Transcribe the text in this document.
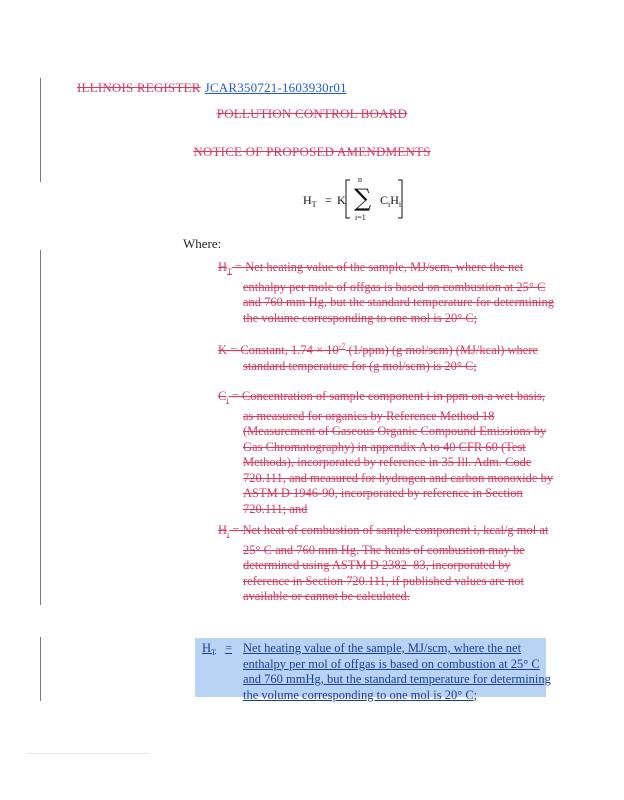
ILLINOIS REGISTER JCAR350721-1603930r01
POLLUTION CONTROL BOARD
NOTICE OF PROPOSED AMENDMENTS
$H_T = K$ ∑
n
i=1
$C_iH_i$
Where:
$H_T$ = Net heating value of the sample, MJ/scm, where the net
enthalpy per mole of offgas is based on combustion at 25° C
and 760 mm Hg, but the standard temperature for determining
the volume corresponding to one mol is 20° C;
K = Constant, $1.74 \times 10^{-7}$ (1/ppm) (g mol/scm) (MJ/kcal) where
standard temperature for (g mol/scm) is 20° C;
$C_i$ = Concentration of sample component i in ppm on a wet basis,
as measured for organics by Reference Method 18
(Measurement of Gaseous Organic Compound Emissions by
Gas Chromatography) in appendix A to 40 CFR 60 (Test
Methods), incorporated by reference in 35 Ill. Adm. Code
720.111, and measured for hydrogen and carbon monoxide by
ASTM D 1946-90, incorporated by reference in Section
720.111; and
$H_i$ = Net heat of combustion of sample component i, kcal/g mol at
25° C and 760 mm Hg. The heats of combustion may be
determined using ASTM D 2382–83, incorporated by
reference in Section 720.111, if published values are not
available or cannot be calculated.
$H_T$ = Net heating value of the sample, MJ/scm, where the net
enthalpy per mol of offgas is based on combustion at 25° C
and 760 mmHg, but the standard temperature for determining
the volume corresponding to one mol is 20° C;
